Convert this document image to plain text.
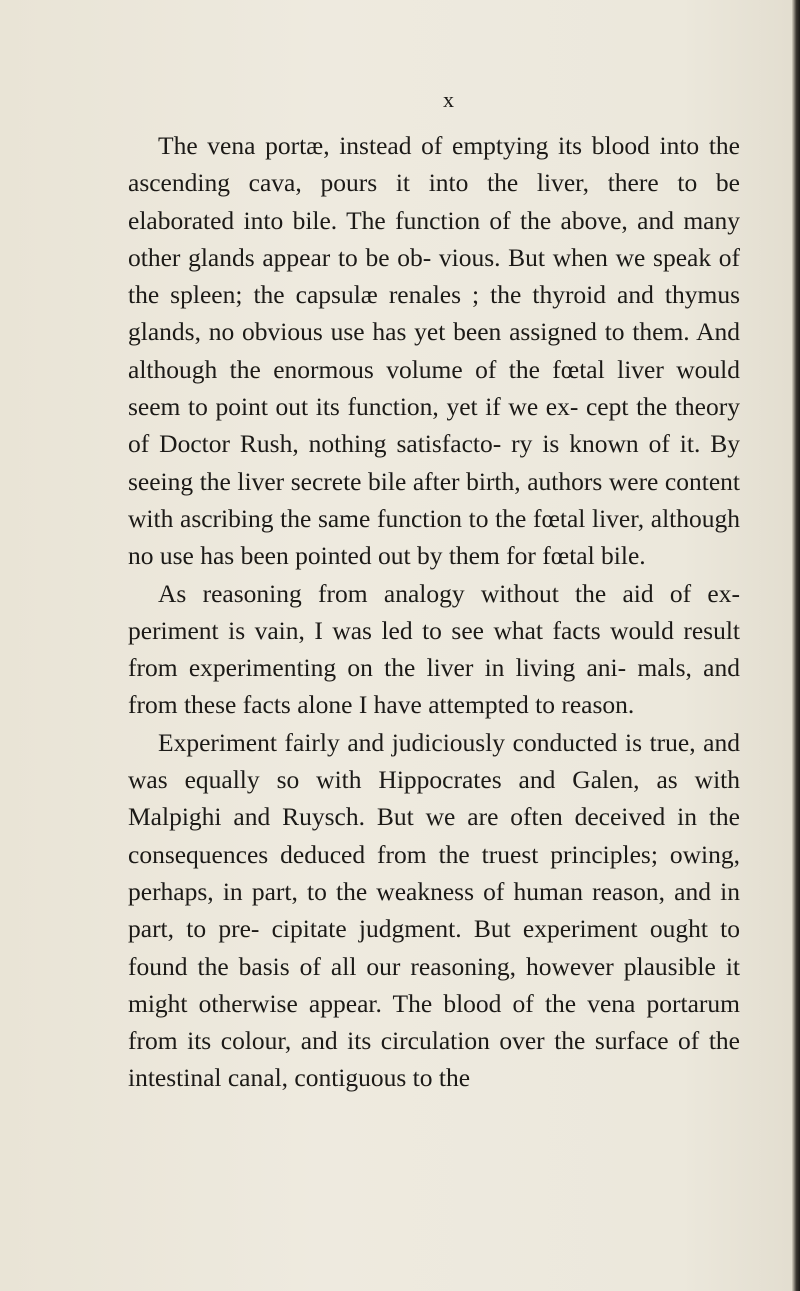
x

The vena portæ, instead of emptying its blood into the ascending cava, pours it into the liver, there to be elaborated into bile. The function of the above, and many other glands appear to be ob- vious. But when we speak of the spleen; the capsulæ renales ; the thyroid and thymus glands, no obvious use has yet been assigned to them. And although the enormous volume of the fœtal liver would seem to point out its function, yet if we ex- cept the theory of Doctor Rush, nothing satisfacto- ry is known of it. By seeing the liver secrete bile after birth, authors were content with ascribing the same function to the fœtal liver, although no use has been pointed out by them for fœtal bile.

As reasoning from analogy without the aid of ex- periment is vain, I was led to see what facts would result from experimenting on the liver in living ani- mals, and from these facts alone I have attempted to reason.

Experiment fairly and judiciously conducted is true, and was equally so with Hippocrates and Galen, as with Malpighi and Ruysch. But we are often deceived in the consequences deduced from the truest principles; owing, perhaps, in part, to the weakness of human reason, and in part, to pre- cipitate judgment. But experiment ought to found the basis of all our reasoning, however plausible it might otherwise appear. The blood of the vena portarum from its colour, and its circulation over the surface of the intestinal canal, contiguous to the
